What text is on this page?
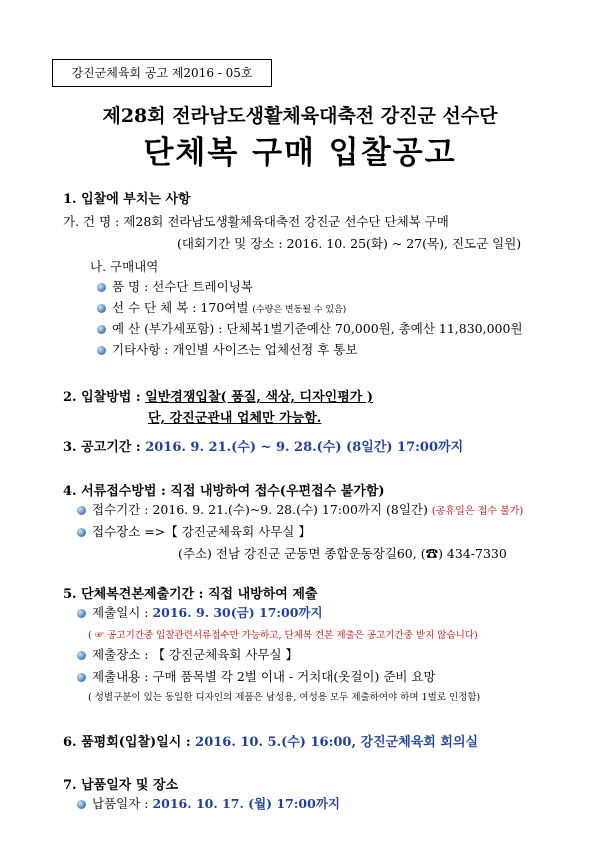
강진군체육회 공고 제2016 - 05호
제28회 전라남도생활체육대축전 강진군 선수단
단체복 구매 입찰공고
1. 입찰에 부치는 사항
가. 건 명 : 제28회 전라남도생활체육대축전 강진군 선수단 단체복 구매
(대회기간 및 장소 : 2016. 10. 25(화) ~ 27(목), 진도군 일원)
나. 구매내역
품 명 : 선수단 트레이닝복
선 수 단 체 복 : 170여벌 (수량은 변동될 수 있음)
예 산 (부가세포함) : 단체복1벌기준예산 70,000원, 총예산 11,830,000원
기타사항 : 개인별 사이즈는 업체선정 후 통보
2. 입찰방법 : 일반경쟁입찰( 품질, 색상, 디자인평가 )
단, 강진군관내 업체만 가능함.
3. 공고기간 : 2016. 9. 21.(수) ~ 9. 28.(수) (8일간) 17:00까지
4. 서류접수방법 : 직접 내방하여 접수(우편접수 불가함)
접수기간 : 2016. 9. 21.(수)~9. 28.(수) 17:00까지 (8일간) (공휴일은 접수 불가)
접수장소 =>【 강진군체육회 사무실 】
(주소) 전남 강진군 군동면 종합운동장길60, (☎) 434-7330
5. 단체복견본제출기간 : 직접 내방하여 제출
제출일시 : 2016. 9. 30(금) 17:00까지
( ☞ 공고기간중 입찰관련서류접수만 가능하고, 단체복 견본 제출은 공고기간중 받지 않습니다)
제출장소 : 【 강진군체육회 사무실 】
제출내용 : 구매 품목별 각 2벌 이내 - 거치대(옷걸이) 준비 요망
( 성별구분이 있는 동일한 디자인의 제품은 남성용, 여성용 모두 제출하여야 하며 1벌로 인정함)
6. 품평회(입찰)일시 : 2016. 10. 5.(수) 16:00, 강진군체육회 회의실
7. 납품일자 및 장소
납품일자 : 2016. 10. 17. (월) 17:00까지
